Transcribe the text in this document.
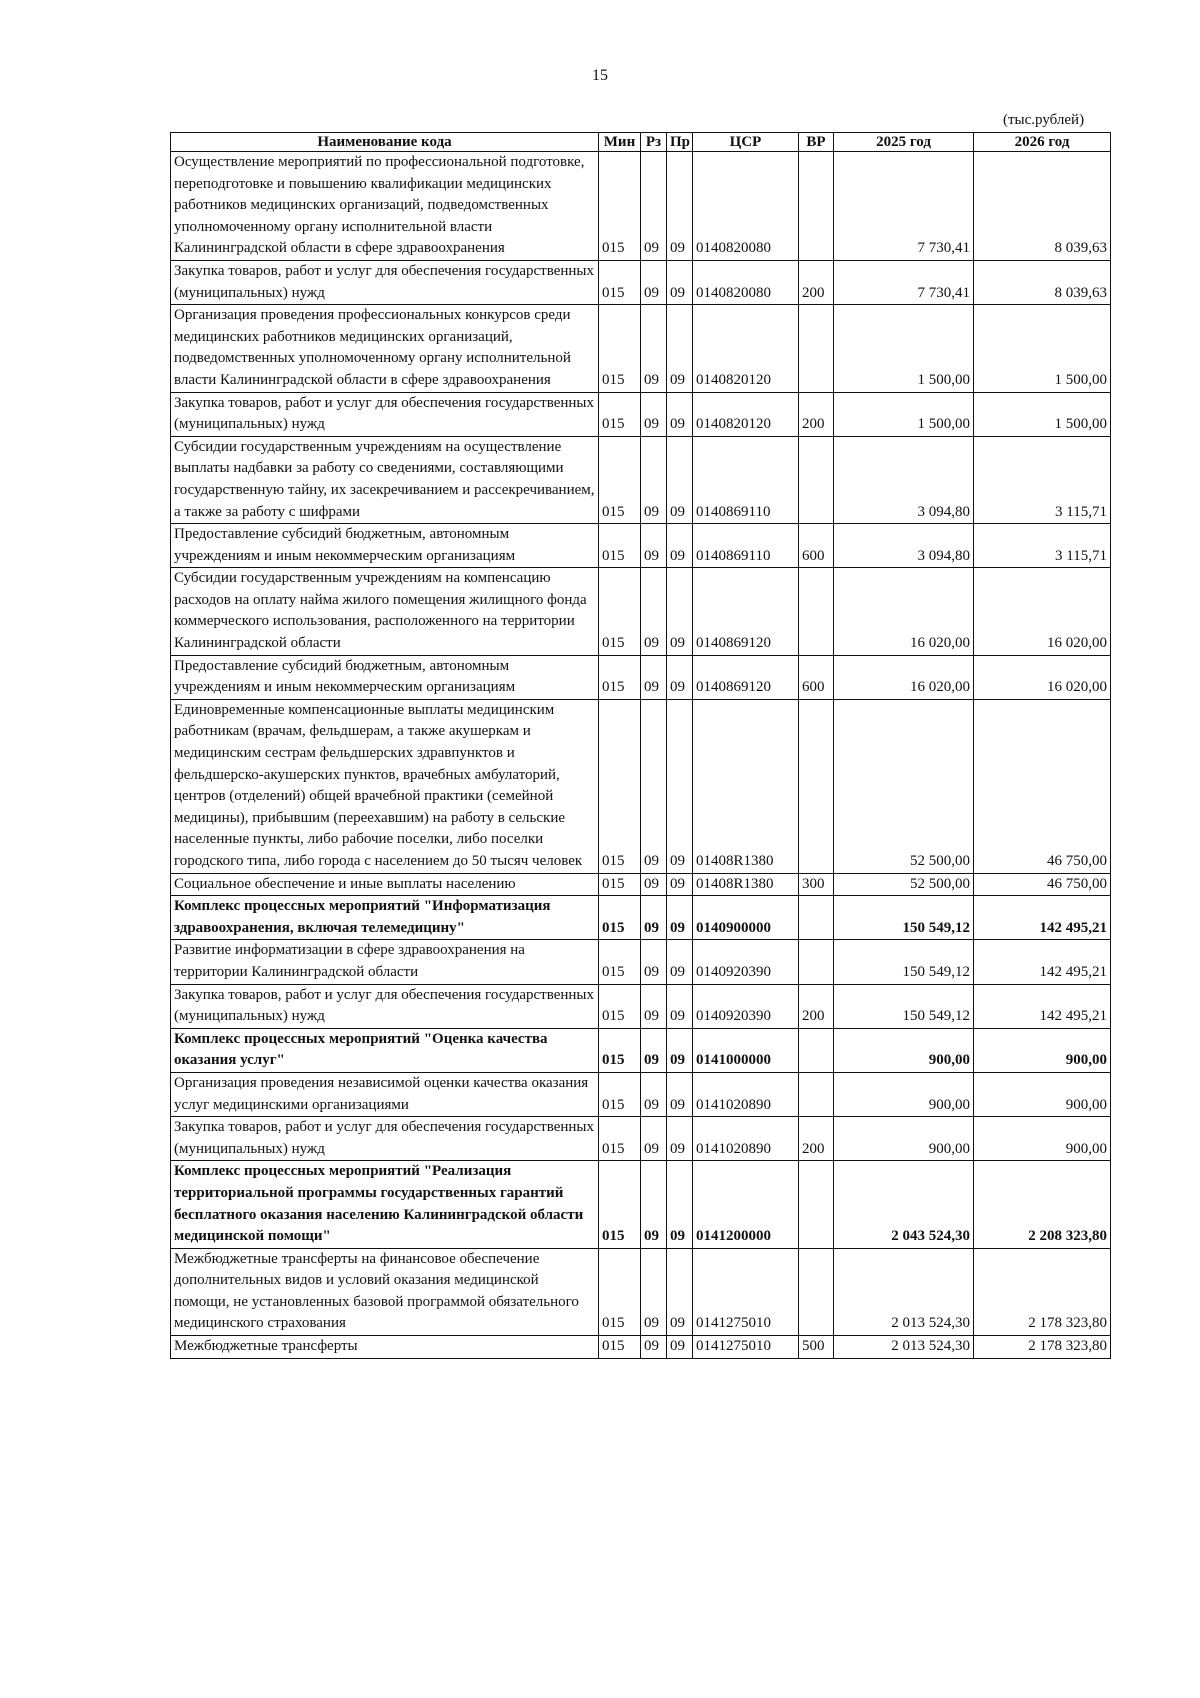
15
(тыс.рублей)
Наименование кода	Мин	Рз	Пр	ЦСР	ВР	2025 год	2026 год
Осуществление мероприятий по профессиональной подготовке, переподготовке и повышению квалификации медицинских работников медицинских организаций, подведомственных уполномоченному органу исполнительной власти Калининградской области в сфере здравоохранения	015	09	09	0140820080		7 730,41	8 039,63
Закупка товаров, работ и услуг для обеспечения государственных (муниципальных) нужд	015	09	09	0140820080	200	7 730,41	8 039,63
Организация проведения профессиональных конкурсов среди медицинских работников медицинских организаций, подведомственных уполномоченному органу исполнительной власти Калининградской области в сфере здравоохранения	015	09	09	0140820120		1 500,00	1 500,00
Закупка товаров, работ и услуг для обеспечения государственных (муниципальных) нужд	015	09	09	0140820120	200	1 500,00	1 500,00
Субсидии государственным учреждениям на осуществление выплаты надбавки за работу со сведениями, составляющими государственную тайну, их засекречиванием и рассекречиванием, а также за работу с шифрами	015	09	09	0140869110		3 094,80	3 115,71
Предоставление субсидий бюджетным, автономным учреждениям и иным некоммерческим организациям	015	09	09	0140869110	600	3 094,80	3 115,71
Субсидии государственным учреждениям на компенсацию расходов на оплату найма жилого помещения жилищного фонда коммерческого использования, расположенного на территории Калининградской области	015	09	09	0140869120		16 020,00	16 020,00
Предоставление субсидий бюджетным, автономным учреждениям и иным некоммерческим организациям	015	09	09	0140869120	600	16 020,00	16 020,00
Единовременные компенсационные выплаты медицинским работникам (врачам, фельдшерам, а также акушеркам и медицинским сестрам фельдшерских здравпунктов и фельдшерско-акушерских пунктов, врачебных амбулаторий, центров (отделений) общей врачебной практики (семейной медицины), прибывшим (переехавшим) на работу в сельские населенные пункты, либо рабочие поселки, либо поселки городского типа, либо города с населением до 50 тысяч человек	015	09	09	01408R1380		52 500,00	46 750,00
Социальное обеспечение и иные выплаты населению	015	09	09	01408R1380	300	52 500,00	46 750,00
Комплекс процессных мероприятий "Информатизация здравоохранения, включая телемедицину"	015	09	09	0140900000		150 549,12	142 495,21
Развитие информатизации в сфере здравоохранения на территории Калининградской области	015	09	09	0140920390		150 549,12	142 495,21
Закупка товаров, работ и услуг для обеспечения государственных (муниципальных) нужд	015	09	09	0140920390	200	150 549,12	142 495,21
Комплекс процессных мероприятий "Оценка качества оказания услуг"	015	09	09	0141000000		900,00	900,00
Организация проведения независимой оценки качества оказания услуг медицинскими организациями	015	09	09	0141020890		900,00	900,00
Закупка товаров, работ и услуг для обеспечения государственных (муниципальных) нужд	015	09	09	0141020890	200	900,00	900,00
Комплекс процессных мероприятий "Реализация территориальной программы государственных гарантий бесплатного оказания населению Калининградской области медицинской помощи"	015	09	09	0141200000		2 043 524,30	2 208 323,80
Межбюджетные трансферты на финансовое обеспечение дополнительных видов и условий оказания медицинской помощи, не установленных базовой программой обязательного медицинского страхования	015	09	09	0141275010		2 013 524,30	2 178 323,80
Межбюджетные трансферты	015	09	09	0141275010	500	2 013 524,30	2 178 323,80
